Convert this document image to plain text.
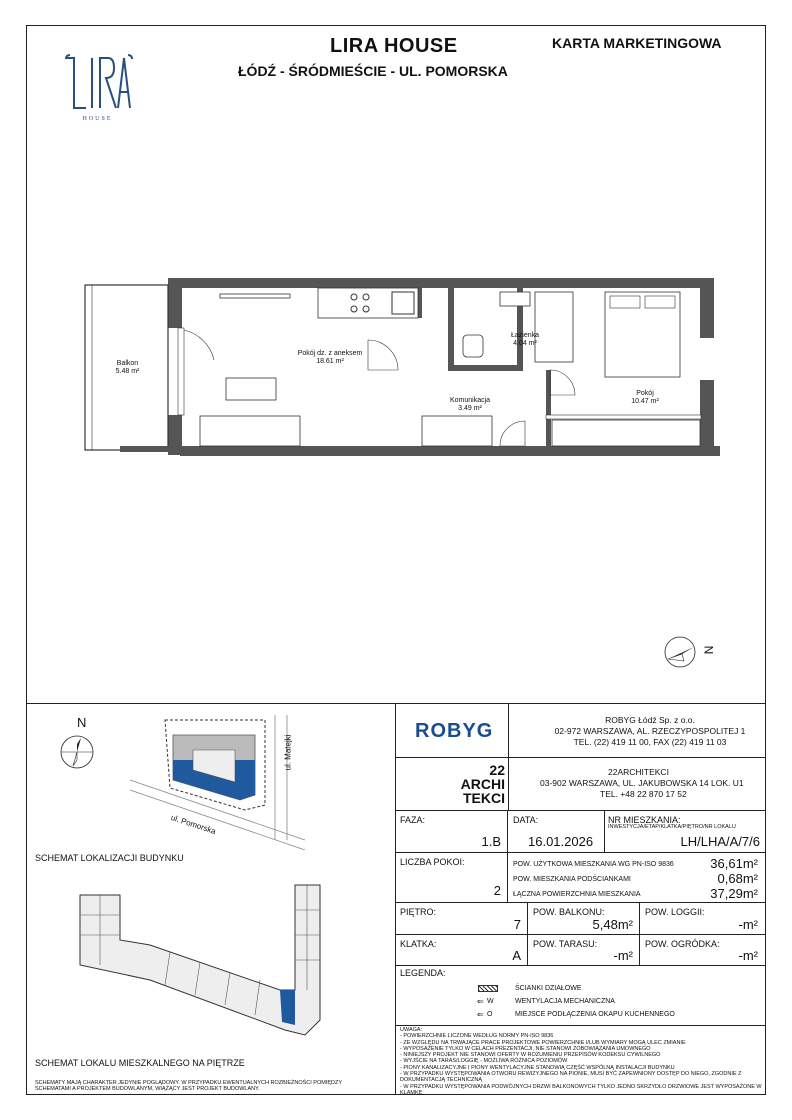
HOUSE
LIRA HOUSE
ŁÓDŹ - ŚRÓDMIEŚCIE - UL. POMORSKA
KARTA MARKETINGOWA
Balkon
5.48 m²
Pokój dz. z aneksem
18.61 m²
Łazienka
4.04 m²
Komunikacja
3.49 m²
Pokój
10.47 m²
N
N
ul. Matejki
ul. Pomorska
SCHEMAT LOKALIZACJI BUDYNKU
SCHEMAT LOKALU MIESZKALNEGO NA PIĘTRZE
SCHEMATY MAJĄ CHARAKTER JEDYNIE POGLĄDOWY. W PRZYPADKU EWENTUALNYCH ROZBIEŻNOŚCI POMIĘDZY SCHEMATAMI A PROJEKTEM BUDOWLANYM, WIĄŻĄCY JEST PROJEKT BUDOWLANY.
ROBYG	ROBYG Łódź Sp. z o.o.
02-972 WARSZAWA, AL. RZECZYPOSPOLITEJ 1
TEL. (22) 419 11 00, FAX (22) 419 11 03
22
ARCHI
TEKCI
22ARCHITEKCI
03-902 WARSZAWA, UL. JAKUBOWSKA 14 LOK. U1
TEL. +48 22 870 17 52
FAZA:
1.B
DATA:
16.01.2026
NR MIESZKANIA:
INWESTYCJA/ETAP/KLATKA/PIĘTRO/NR LOKALU
LH/LHA/A/7/6
LICZBA POKOI:
2
POW. UŻYTKOWA MIESZKANIA WG PN-ISO 9836	36,61m²
POW. MIESZKANIA PODŚCIANKAMI	0,68m²
ŁĄCZNA POWIERZCHNIA MIESZKANIA	37,29m²
PIĘTRO:
7
POW. BALKONU:
5,48m²
POW. LOGGII:
-m²
KLATKA:
A
POW. TARASU:
-m²
POW. OGRÓDKA:
-m²
LEGENDA:
ŚCIANKI DZIAŁOWE
W
⇐	WENTYLACJA MECHANICZNA
O
⇐	MIEJSCE PODŁĄCZENIA OKAPU KUCHENNEGO
UWAGA:
- POWIERZCHNIE LICZONE WEDŁUG NORMY PN-ISO 9836
- ZE WZGLĘDU NA TRWAJĄCE PRACE PROJEKTOWE POWIERZCHNIE I/LUB WYMIARY MOGĄ ULEC ZMIANIE
- WYPOSAŻENIE TYLKO W CELACH PREZENTACJI, NIE STANOWI ZOBOWIĄZANIA UMOWNEGO
- NINIEJSZY PROJEKT NIE STANOWI OFERTY W ROZUMIENIU PRZEPISÓW KODEKSU CYWILNEGO
- WYJŚCIE NA TARAS/LOGGIĘ - MOŻLIWA RÓŻNICA POZIOMÓW
- PIONY KANALIZACYJNE I PIONY WENTYLACYJNE STANOWIĄ CZĘŚĆ WSPÓLNĄ INSTALACJI BUDYNKU
- W PRZYPADKU WYSTĘPOWANIA OTWORU REWIZYJNEGO NA PIONIE, MUSI BYĆ ZAPEWNIONY DOSTĘP DO NIEGO, ZGODNIE Z DOKUMENTACJĄ TECHNICZNĄ
- W PRZYPADKU WYSTĘPOWANIA PODWÓJNYCH DRZWI BALKONOWYCH TYLKO JEDNO SKRZYDŁO DRZWIOWE JEST WYPOSAŻONE W KLAMKĘ
